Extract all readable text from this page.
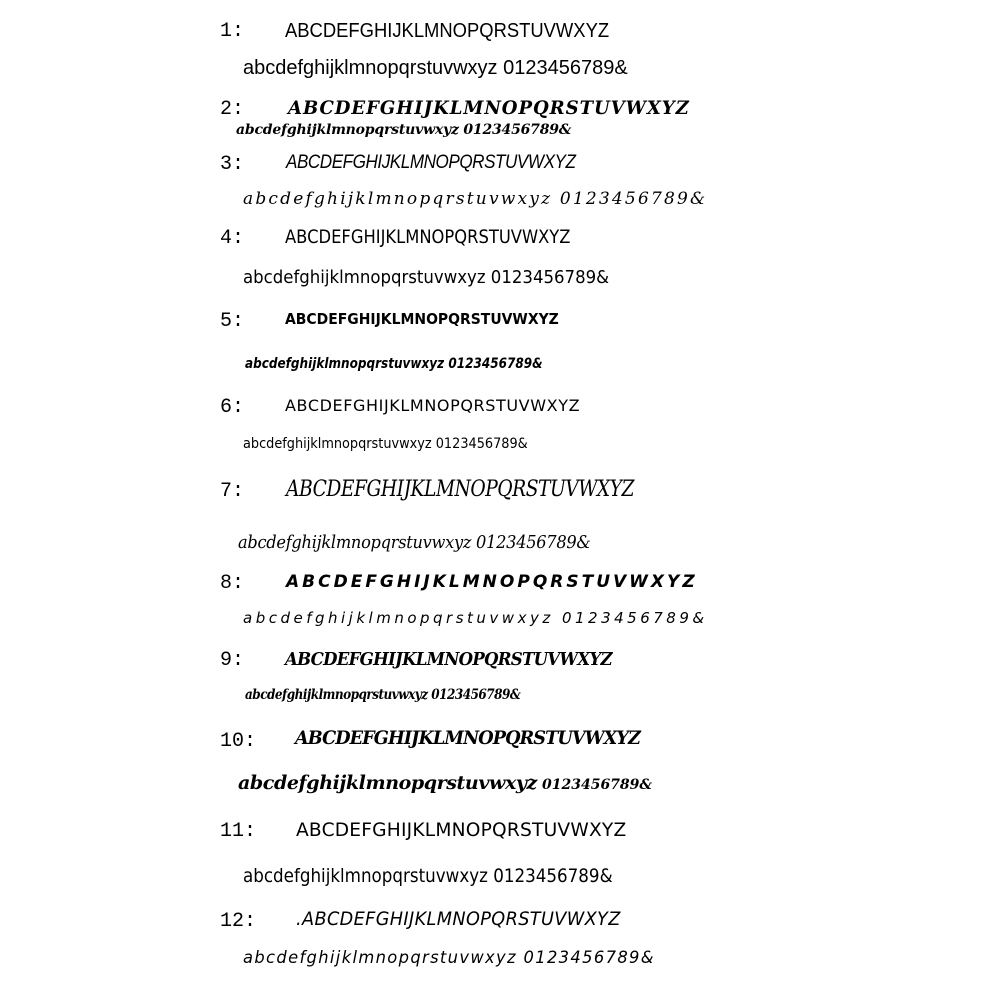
1: ABCDEFGHIJKLMNOPQRSTUVWXYZ
abcdefghijklmnopqrstuvwxyz 0123456789&
2: ABCDEFGHIJKLMNOPQRSTUVWXYZ
abcdefghijklmnopqrstuvwxyz 0123456789&
3: ABCDEFGHIJKLMNOPQRSTUVWXYZ
abcdefghijklmnopqrstuvwxyz 0123456789&
4: ABCDEFGHIJKLMNOPQRSTUVWXYZ
abcdefghijklmnopqrstuvwxyz 0123456789&
5:	ABCDEFGHIJKLMNOPQRSTUVWXYZ
abcdefghijklmnopqrstuvwxyz 0123456789&
6:	ABCDEFGHIJKLMNOPQRSTUVWXYZ
abcdefghijklmnopqrstuvwxyz 0123456789&
7: ABCDEFGHIJKLMNOPQRSTUVWXYZ
abcdefghijklmnopqrstuvwxyz 0123456789&
8: ABCDEFGHIJKLMNOPQRSTUVWXYZ
abcdefghijklmnopqrstuvwxyz 0123456789&
9: ABCDEFGHIJKLMNOPQRSTUVWXYZ
abcdefghijklmnopqrstuvwxyz 0123456789&
10: ABCDEFGHIJKLMNOPQRSTUVWXYZ
abcdefghijklmnopqrstuvwxyz 0123456789&
11: ABCDEFGHIJKLMNOPQRSTUVWXYZ
abcdefghijklmnopqrstuvwxyz 0123456789&
12: .ABCDEFGHIJKLMNOPQRSTUVWXYZ
abcdefghijklmnopqrstuvwxyz 0123456789&
